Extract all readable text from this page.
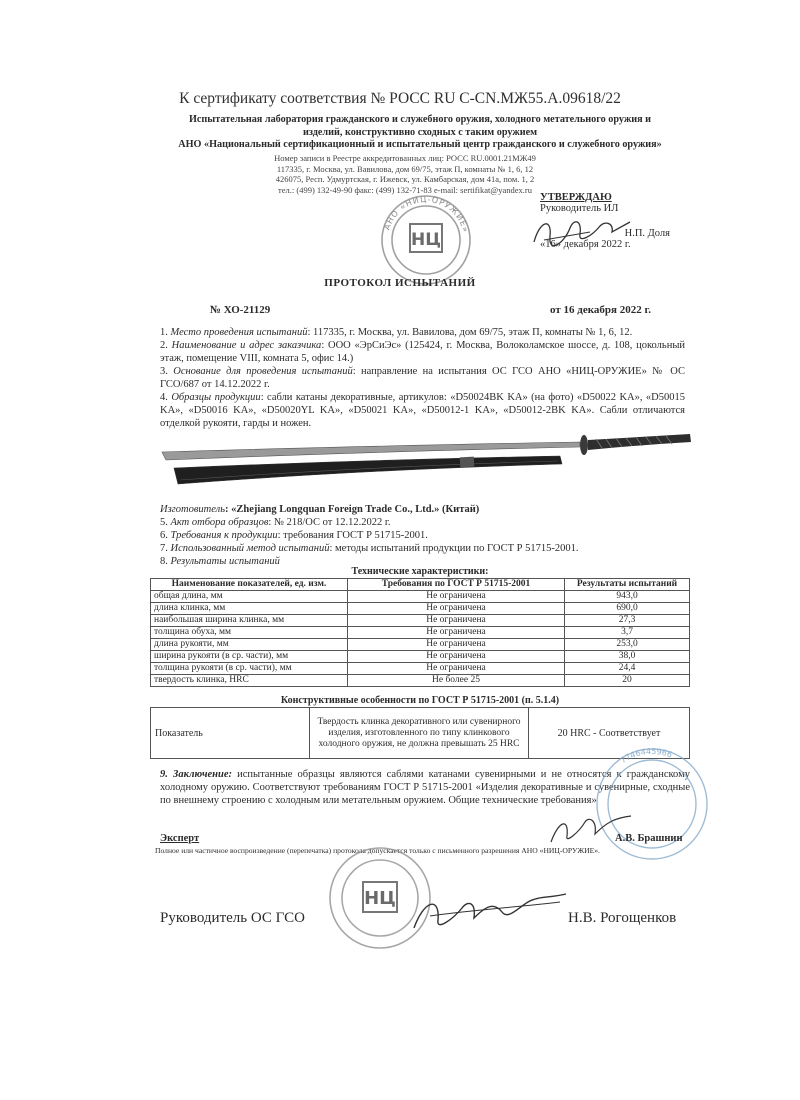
К сертификату соответствия № РОСС RU С-CN.МЖ55.А.09618/22
Испытательная лаборатория гражданского и служебного оружия, холодного метательного оружия и
изделий, конструктивно сходных с таким оружием
АНО «Национальный сертификационный и испытательный центр гражданского и служебного оружия»
Номер записи в Реестре аккредитованных лиц: РОСС RU.0001.21МЖ49
117335, г. Москва, ул. Вавилова, дом 69/75, этаж П, комнаты № 1, 6, 12
426075, Респ. Удмуртская, г. Ижевск, ул. Камбарская, дом 41а, пом. 1, 2
тел.: (499) 132-49-90 факс: (499) 132-71-83 e-mail: sertifikat@yandex.ru
НЦ
АНО «НИЦ-ОРУЖИЕ»
УТВЕРЖДАЮ
Руководитель ИЛ
Н.П. Доля
«16» декабря 2022 г.
ПРОТОКОЛ ИСПЫТАНИЙ
№ ХО-21129	от 16 декабря 2022 г.
1. Место проведения испытаний: 117335, г. Москва, ул. Вавилова, дом 69/75, этаж П, комнаты № 1, 6, 12.
2. Наименование и адрес заказчика: ООО «ЭрСиЭс» (125424, г. Москва, Волоколамское шоссе, д. 108, цокольный этаж, помещение VIII, комната 5, офис 14.)
3. Основание для проведения испытаний: направление на испытания ОС ГСО АНО «НИЦ-ОРУЖИЕ» № ОС ГСО/687 от 14.12.2022 г.
4. Образцы продукции: сабли катаны декоративные, артикулов: «D50024BK KA» (на фото) «D50022 KA», «D50015 KA», «D50016 KA», «D50020YL KA», «D50021 KA», «D50012-1 KA», «D50012-2BK KA». Сабли отличаются отделкой рукояти, гарды и ножен.
Изготовитель: «Zhejiang Longquan Foreign Trade Co., Ltd.» (Китай)
5. Акт отбора образцов: № 218/ОС от 12.12.2022 г.
6. Требования к продукции: требования ГОСТ Р 51715-2001.
7. Использованный метод испытаний: методы испытаний продукции по ГОСТ Р 51715-2001.
8. Результаты испытаний
Технические характеристики:
Наименование показателей, ед. изм.	Требования по ГОСТ Р 51715-2001	Результаты испытаний
общая длина, мм	Не ограничена	943,0
длина клинка, мм	Не ограничена	690,0
наибольшая ширина клинка, мм	Не ограничена	27,3
толщина обуха, мм	Не ограничена	3,7
длина рукояти, мм	Не ограничена	253,0
ширина рукояти (в ср. части), мм	Не ограничена	38,0
толщина рукояти (в ср. части), мм	Не ограничена	24,4
твердость клинка, HRC	Не более 25	20
Конструктивные особенности по ГОСТ Р 51715-2001 (п. 5.1.4)
Показатель	Твердость клинка декоративного или сувенирного изделия, изготовленного по типу клинкового холодного оружия, не должна превышать 25 HRC	20 HRC - Соответствует
9. Заключение: испытанные образцы являются саблями катанами сувенирными и не относятся к гражданскому холодному оружию. Соответствуют требованиям ГОСТ Р 51715-2001 «Изделия декоративные и сувенирные, сходные по внешнему строению с холодным или метательным оружием. Общие технические требования»
7746445966
Эксперт	А.В. Брашнин
Полное или частичное воспроизведение (перепечатка) протокола допускается только с письменного разрешения АНО «НИЦ-ОРУЖИЕ».
НЦ
Руководитель ОС ГСО	Н.В. Рогощенков
